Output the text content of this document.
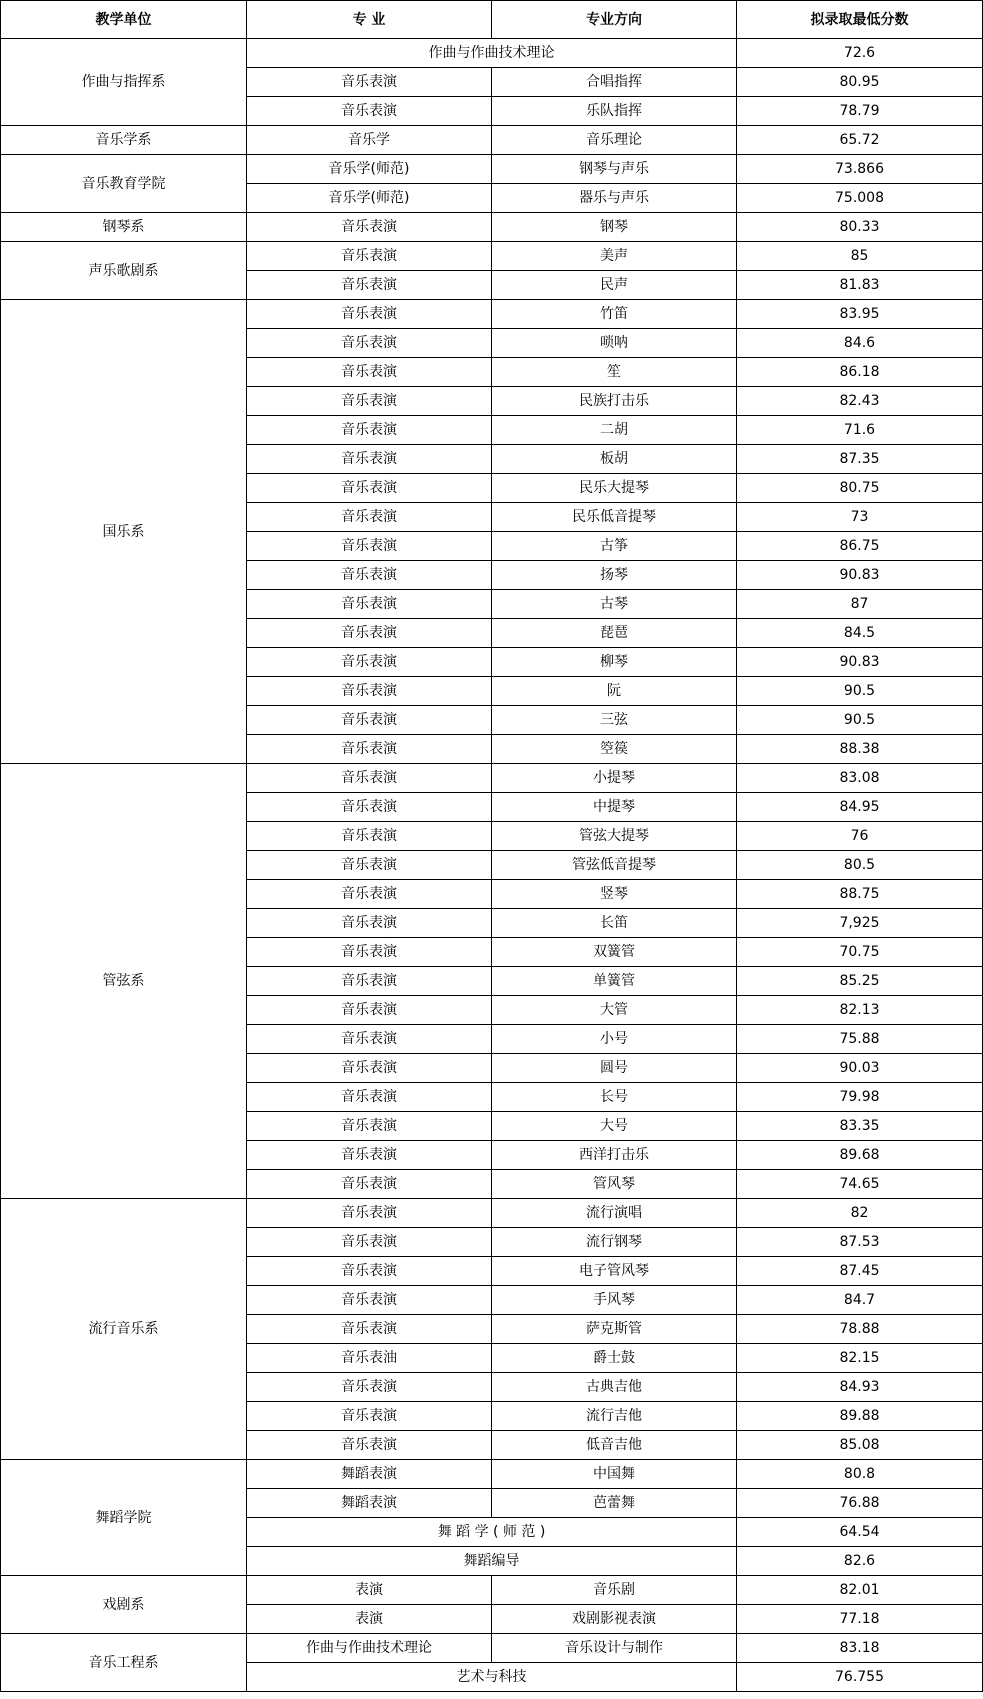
教学单位	专 业	专业方向	拟录取最低分数
作曲与指挥系	作曲与作曲技术理论		72.6
	音乐表演	合唱指挥	80.95
	音乐表演	乐队指挥	78.79
音乐学系	音乐学	音乐理论	65.72
音乐教育学院	音乐学(师范)	钢琴与声乐	73.866
	音乐学(师范)	器乐与声乐	75.008
钢琴系	音乐表演	钢琴	80.33
声乐歌剧系	音乐表演	美声	85
	音乐表演	民声	81.83
国乐系	音乐表演	竹笛	83.95
	音乐表演	唢呐	84.6
	音乐表演	笙	86.18
	音乐表演	民族打击乐	82.43
	音乐表演	二胡	71.6
	音乐表演	板胡	87.35
	音乐表演	民乐大提琴	80.75
	音乐表演	民乐低音提琴	73
	音乐表演	古筝	86.75
	音乐表演	扬琴	90.83
	音乐表演	古琴	87
	音乐表演	琵琶	84.5
	音乐表演	柳琴	90.83
	音乐表演	阮	90.5
	音乐表演	三弦	90.5
	音乐表演	箜篌	88.38
管弦系	音乐表演	小提琴	83.08
	音乐表演	中提琴	84.95
	音乐表演	管弦大提琴	76
	音乐表演	管弦低音提琴	80.5
	音乐表演	竖琴	88.75
	音乐表演	长笛	7,925
	音乐表演	双簧管	70.75
	音乐表演	单簧管	85.25
	音乐表演	大管	82.13
	音乐表演	小号	75.88
	音乐表演	圆号	90.03
	音乐表演	长号	79.98
	音乐表演	大号	83.35
	音乐表演	西洋打击乐	89.68
	音乐表演	管风琴	74.65
流行音乐系	音乐表演	流行演唱	82
	音乐表演	流行钢琴	87.53
	音乐表演	电子管风琴	87.45
	音乐表演	手风琴	84.7
	音乐表演	萨克斯管	78.88
	音乐表油	爵士鼓	82.15
	音乐表演	古典吉他	84.93
	音乐表演	流行吉他	89.88
	音乐表演	低音吉他	85.08
舞蹈学院	舞蹈表演	中国舞	80.8
	舞蹈表演	芭蕾舞	76.88
	舞 蹈 学 ( 师 范 )		64.54
	舞蹈编导		82.6
戏剧系	表演	音乐剧	82.01
	表演	戏剧影视表演	77.18
音乐工程系	作曲与作曲技术理论	音乐设计与制作	83.18
	艺术与科技		76.755
